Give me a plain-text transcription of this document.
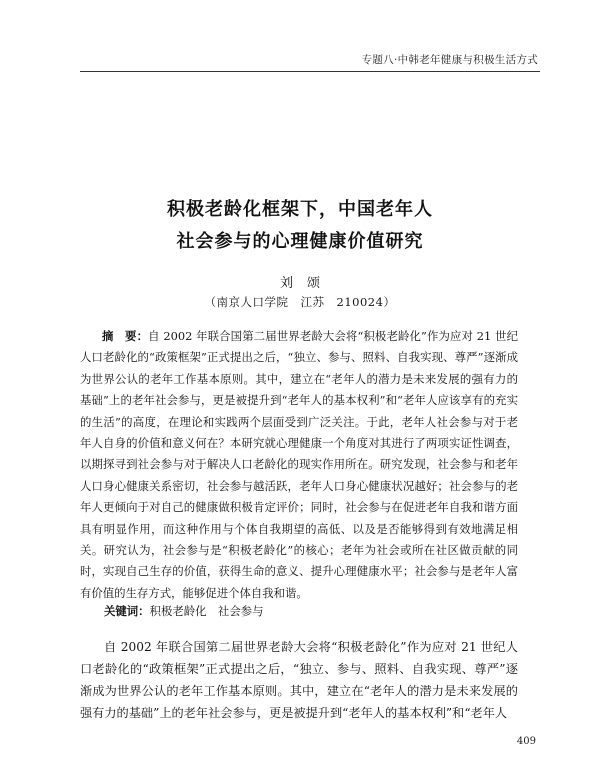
专题八·中韩老年健康与积极生活方式
积极老龄化框架下，中国老年人
社会参与的心理健康价值研究
刘颂
（南京人口学院　江苏　210024）

摘　要：自 2002 年联合国第二届世界老龄大会将“积极老龄化”作为应对 21 世纪人口老龄化的“政策框架”正式提出之后，“独立、参与、照料、自我实现、尊严”逐渐成为世界公认的老年工作基本原则。其中，建立在“老年人的潜力是未来发展的强有力的基础”上的老年社会参与，更是被提升到“老年人的基本权利”和“老年人应该享有的充实的生活”的高度，在理论和实践两个层面受到广泛关注。于此，老年人社会参与对于老年人自身的价值和意义何在？本研究就心理健康一个角度对其进行了两项实证性调查，以期探寻到社会参与对于解决人口老龄化的现实作用所在。研究发现，社会参与和老年人口身心健康关系密切，社会参与越活跃，老年人口身心健康状况越好；社会参与的老年人更倾向于对自己的健康做积极肯定评价；同时，社会参与在促进老年自我和谐方面具有明显作用，而这种作用与个体自我期望的高低、以及是否能够得到有效地满足相关。研究认为，社会参与是“积极老龄化”的核心；老年为社会或所在社区做贡献的同时，实现自己生存的价值，获得生命的意义、提升心理健康水平；社会参与是老年人富有价值的生存方式，能够促进个体自我和谐。

关键词：积极老龄化　社会参与

自 2002 年联合国第二届世界老龄大会将“积极老龄化”作为应对 21 世纪人口老龄化的“政策框架”正式提出之后，“独立、参与、照料、自我实现、尊严”逐渐成为世界公认的老年工作基本原则。其中，建立在“老年人的潜力是未来发展的强有力的基础”上的老年社会参与，更是被提升到“老年人的基本权利”和“老年人

409
